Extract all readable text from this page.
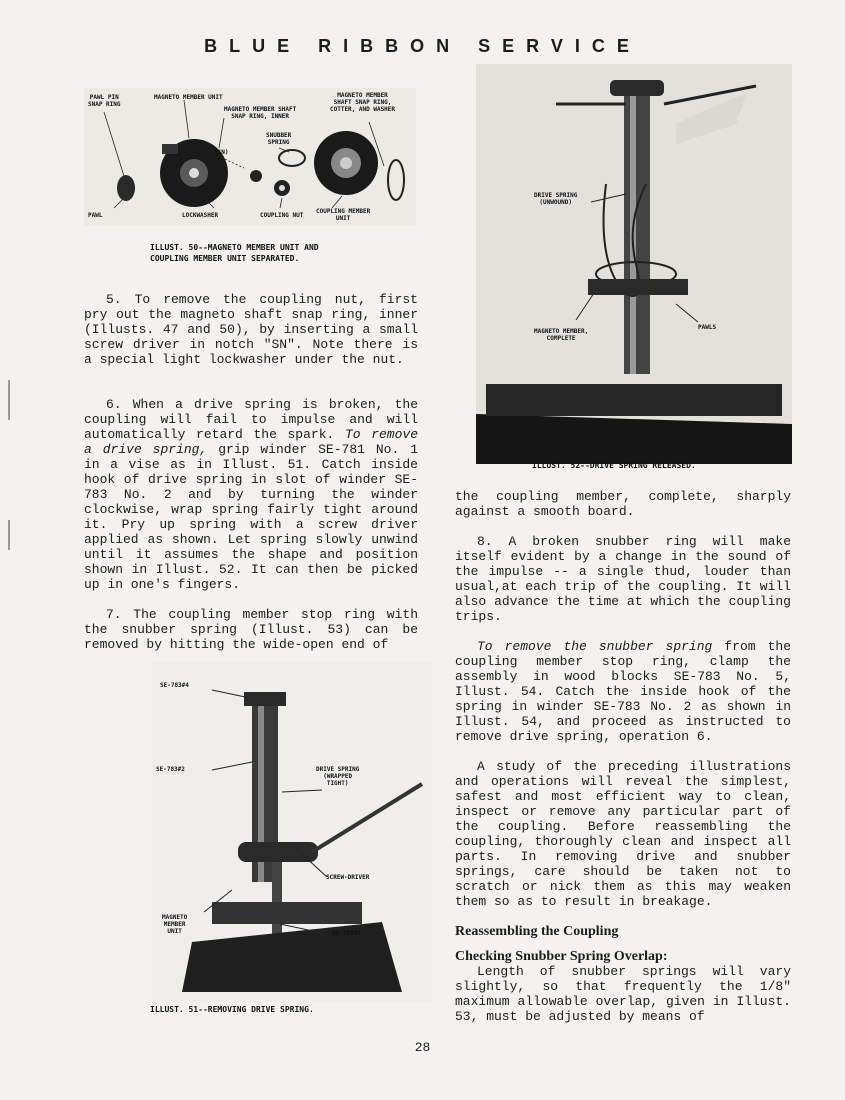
BLUE RIBBON SERVICE
PAWL PIN
SNAP RING
MAGNETO MEMBER UNIT	MAGNETO MEMBER
SHAFT SNAP RING,
COTTER, AND WASHER
MAGNETO MEMBER SHAFT
SNAP RING, INNER
SNUBBER
SPRING
(SN)
PAWL	LOCKWASHER	COUPLING NUT
COUPLING MEMBER
UNIT
ILLUST. 50--MAGNETO MEMBER UNIT AND
COUPLING MEMBER UNIT SEPARATED.

5. To remove the coupling nut, first pry out the magneto shaft snap ring, inner (Illusts. 47 and 50), by inserting a small screw driver in notch "SN". Note there is a special light lockwasher under the nut.

6. When a drive spring is broken, the coupling will fail to impulse and will automatically retard the spark. To remove a drive spring, grip winder SE-781 No. 1 in a vise as in Illust. 51. Catch inside hook of drive spring in slot of winder SE-783 No. 2 and by turning the winder clockwise, wrap spring fairly tight around it. Pry up spring with a screw driver applied as shown. Let spring slowly unwind until it assumes the shape and position shown in Illust. 52. It can then be picked up in one's fingers.

7. The coupling member stop ring with the snubber spring (Illust. 53) can be removed by hitting the wide-open end of

SE-783#4
SE-783#2	DRIVE SPRING
(WRAPPED
TIGHT)
SCREW-DRIVER
MAGNETO
MEMBER
UNIT	SE-783#1
ILLUST. 51--REMOVING DRIVE SPRING.
DRIVE SPRING
(UNWOUND)
MAGNETO MEMBER,
COMPLETE
PAWLS
ILLUST. 52--DRIVE SPRING RELEASED.

the coupling member, complete, sharply against a smooth board.

8. A broken snubber ring will make itself evident by a change in the sound of the impulse -- a single thud, louder than usual,at each trip of the coupling. It will also advance the time at which the coupling trips.

To remove the snubber spring from the coupling member stop ring, clamp the assembly in wood blocks SE-783 No. 5, Illust. 54. Catch the inside hook of the spring in winder SE-783 No. 2 as shown in Illust. 54, and proceed as instructed to remove drive spring, operation 6.

A study of the preceding illustrations and operations will reveal the simplest, safest and most efficient way to clean, inspect or remove any particular part of the coupling. Before reassembling the coupling, thoroughly clean and inspect all parts. In removing drive and snubber springs, care should be taken not to scratch or nick them as this may weaken them so as to result in breakage.

Reassembling the Coupling

Checking Snubber Spring Overlap:

Length of snubber springs will vary slightly, so that frequently the 1/8" maximum allowable overlap, given in Illust. 53, must be adjusted by means of

28
